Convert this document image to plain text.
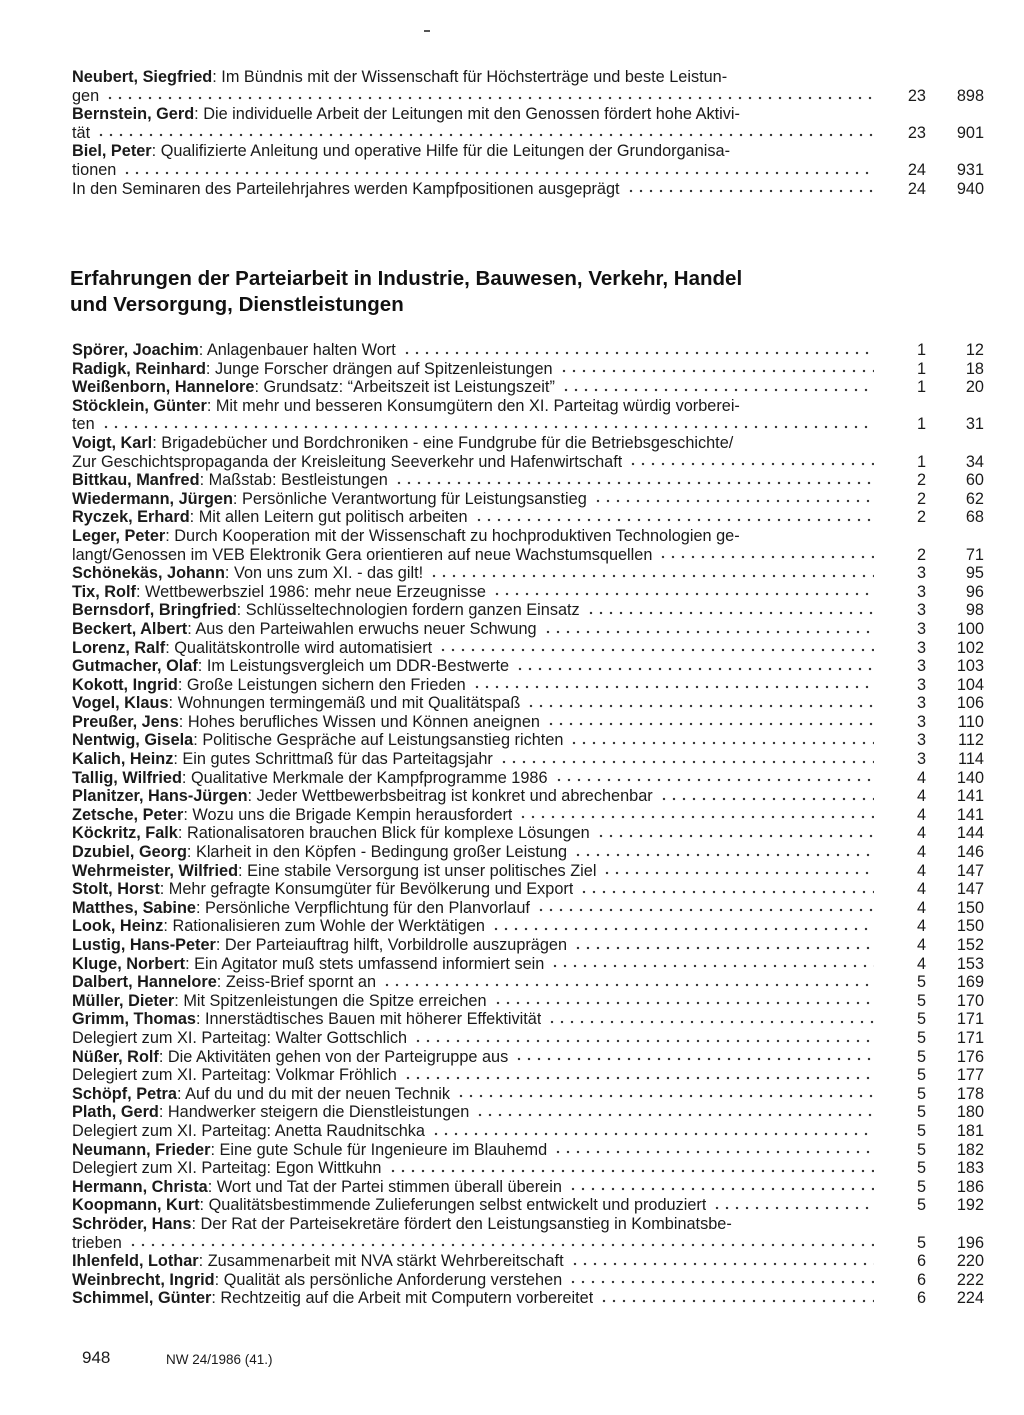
Neubert, Siegfried: Im Bündnis mit der Wissenschaft für Höchsterträge und beste Leistun-
gen	23	898
Bernstein, Gerd: Die individuelle Arbeit der Leitungen mit den Genossen fördert hohe Aktivi-
tät	23	901
Biel, Peter: Qualifizierte Anleitung und operative Hilfe für die Leitungen der Grundorganisa-
tionen	24	931
In den Seminaren des Parteilehrjahres werden Kampfpositionen ausgeprägt	24	940
Erfahrungen der Parteiarbeit in Industrie, Bauwesen, Verkehr, Handel
und Versorgung, Dienstleistungen
Spörer, Joachim: Anlagenbauer halten Wort	1	12
Radigk, Reinhard: Junge Forscher drängen auf Spitzenleistungen	1	18
Weißenborn, Hannelore: Grundsatz: “Arbeitszeit ist Leistungszeit”	1	20
Stöcklein, Günter: Mit mehr und besseren Konsumgütern den XI. Parteitag würdig vorberei-
ten	1	31
Voigt, Karl: Brigadebücher und Bordchroniken - eine Fundgrube für die Betriebsgeschichte/
Zur Geschichtspropaganda der Kreisleitung Seeverkehr und Hafenwirtschaft	1	34
Bittkau, Manfred: Maßstab: Bestleistungen	2	60
Wiedermann, Jürgen: Persönliche Verantwortung für Leistungsanstieg	2	62
Ryczek, Erhard: Mit allen Leitern gut politisch arbeiten	2	68
Leger, Peter: Durch Kooperation mit der Wissenschaft zu hochproduktiven Technologien ge-
langt/Genossen im VEB Elektronik Gera orientieren auf neue Wachstumsquellen	2	71
Schönekäs, Johann: Von uns zum XI. - das gilt!	3	95
Tix, Rolf: Wettbewerbsziel 1986: mehr neue Erzeugnisse	3	96
Bernsdorf, Bringfried: Schlüsseltechnologien fordern ganzen Einsatz	3	98
Beckert, Albert: Aus den Parteiwahlen erwuchs neuer Schwung	3	100
Lorenz, Ralf: Qualitätskontrolle wird automatisiert	3	102
Gutmacher, Olaf: Im Leistungsvergleich um DDR-Bestwerte	3	103
Kokott, Ingrid: Große Leistungen sichern den Frieden	3	104
Vogel, Klaus: Wohnungen termingemäß und mit Qualitätspaß	3	106
Preußer, Jens: Hohes berufliches Wissen und Können aneignen	3	110
Nentwig, Gisela: Politische Gespräche auf Leistungsanstieg richten	3	112
Kalich, Heinz: Ein gutes Schrittmaß für das Parteitagsjahr	3	114
Tallig, Wilfried: Qualitative Merkmale der Kampfprogramme 1986	4	140
Planitzer, Hans-Jürgen: Jeder Wettbewerbsbeitrag ist konkret und abrechenbar	4	141
Zetsche, Peter: Wozu uns die Brigade Kempin herausfordert	4	141
Köckritz, Falk: Rationalisatoren brauchen Blick für komplexe Lösungen	4	144
Dzubiel, Georg: Klarheit in den Köpfen - Bedingung großer Leistung	4	146
Wehrmeister, Wilfried: Eine stabile Versorgung ist unser politisches Ziel	4	147
Stolt, Horst: Mehr gefragte Konsumgüter für Bevölkerung und Export	4	147
Matthes, Sabine: Persönliche Verpflichtung für den Planvorlauf	4	150
Look, Heinz: Rationalisieren zum Wohle der Werktätigen	4	150
Lustig, Hans-Peter: Der Parteiauftrag hilft, Vorbildrolle auszuprägen	4	152
Kluge, Norbert: Ein Agitator muß stets umfassend informiert sein	4	153
Dalbert, Hannelore: Zeiss-Brief spornt an	5	169
Müller, Dieter: Mit Spitzenleistungen die Spitze erreichen	5	170
Grimm, Thomas: Innerstädtisches Bauen mit höherer Effektivität	5	171
Delegiert zum XI. Parteitag: Walter Gottschlich	5	171
Nüßer, Rolf: Die Aktivitäten gehen von der Parteigruppe aus	5	176
Delegiert zum XI. Parteitag: Volkmar Fröhlich	5	177
Schöpf, Petra: Auf du und du mit der neuen Technik	5	178
Plath, Gerd: Handwerker steigern die Dienstleistungen	5	180
Delegiert zum XI. Parteitag: Anetta Raudnitschka	5	181
Neumann, Frieder: Eine gute Schule für Ingenieure im Blauhemd	5	182
Delegiert zum XI. Parteitag: Egon Wittkuhn	5	183
Hermann, Christa: Wort und Tat der Partei stimmen überall überein	5	186
Koopmann, Kurt: Qualitätsbestimmende Zulieferungen selbst entwickelt und produziert	5	192
Schröder, Hans: Der Rat der Parteisekretäre fördert den Leistungsanstieg in Kombinatsbe-
trieben	5	196
Ihlenfeld, Lothar: Zusammenarbeit mit NVA stärkt Wehrbereitschaft	6	220
Weinbrecht, Ingrid: Qualität als persönliche Anforderung verstehen	6	222
Schimmel, Günter: Rechtzeitig auf die Arbeit mit Computern vorbereitet	6	224
948	NW 24/1986 (41.)
